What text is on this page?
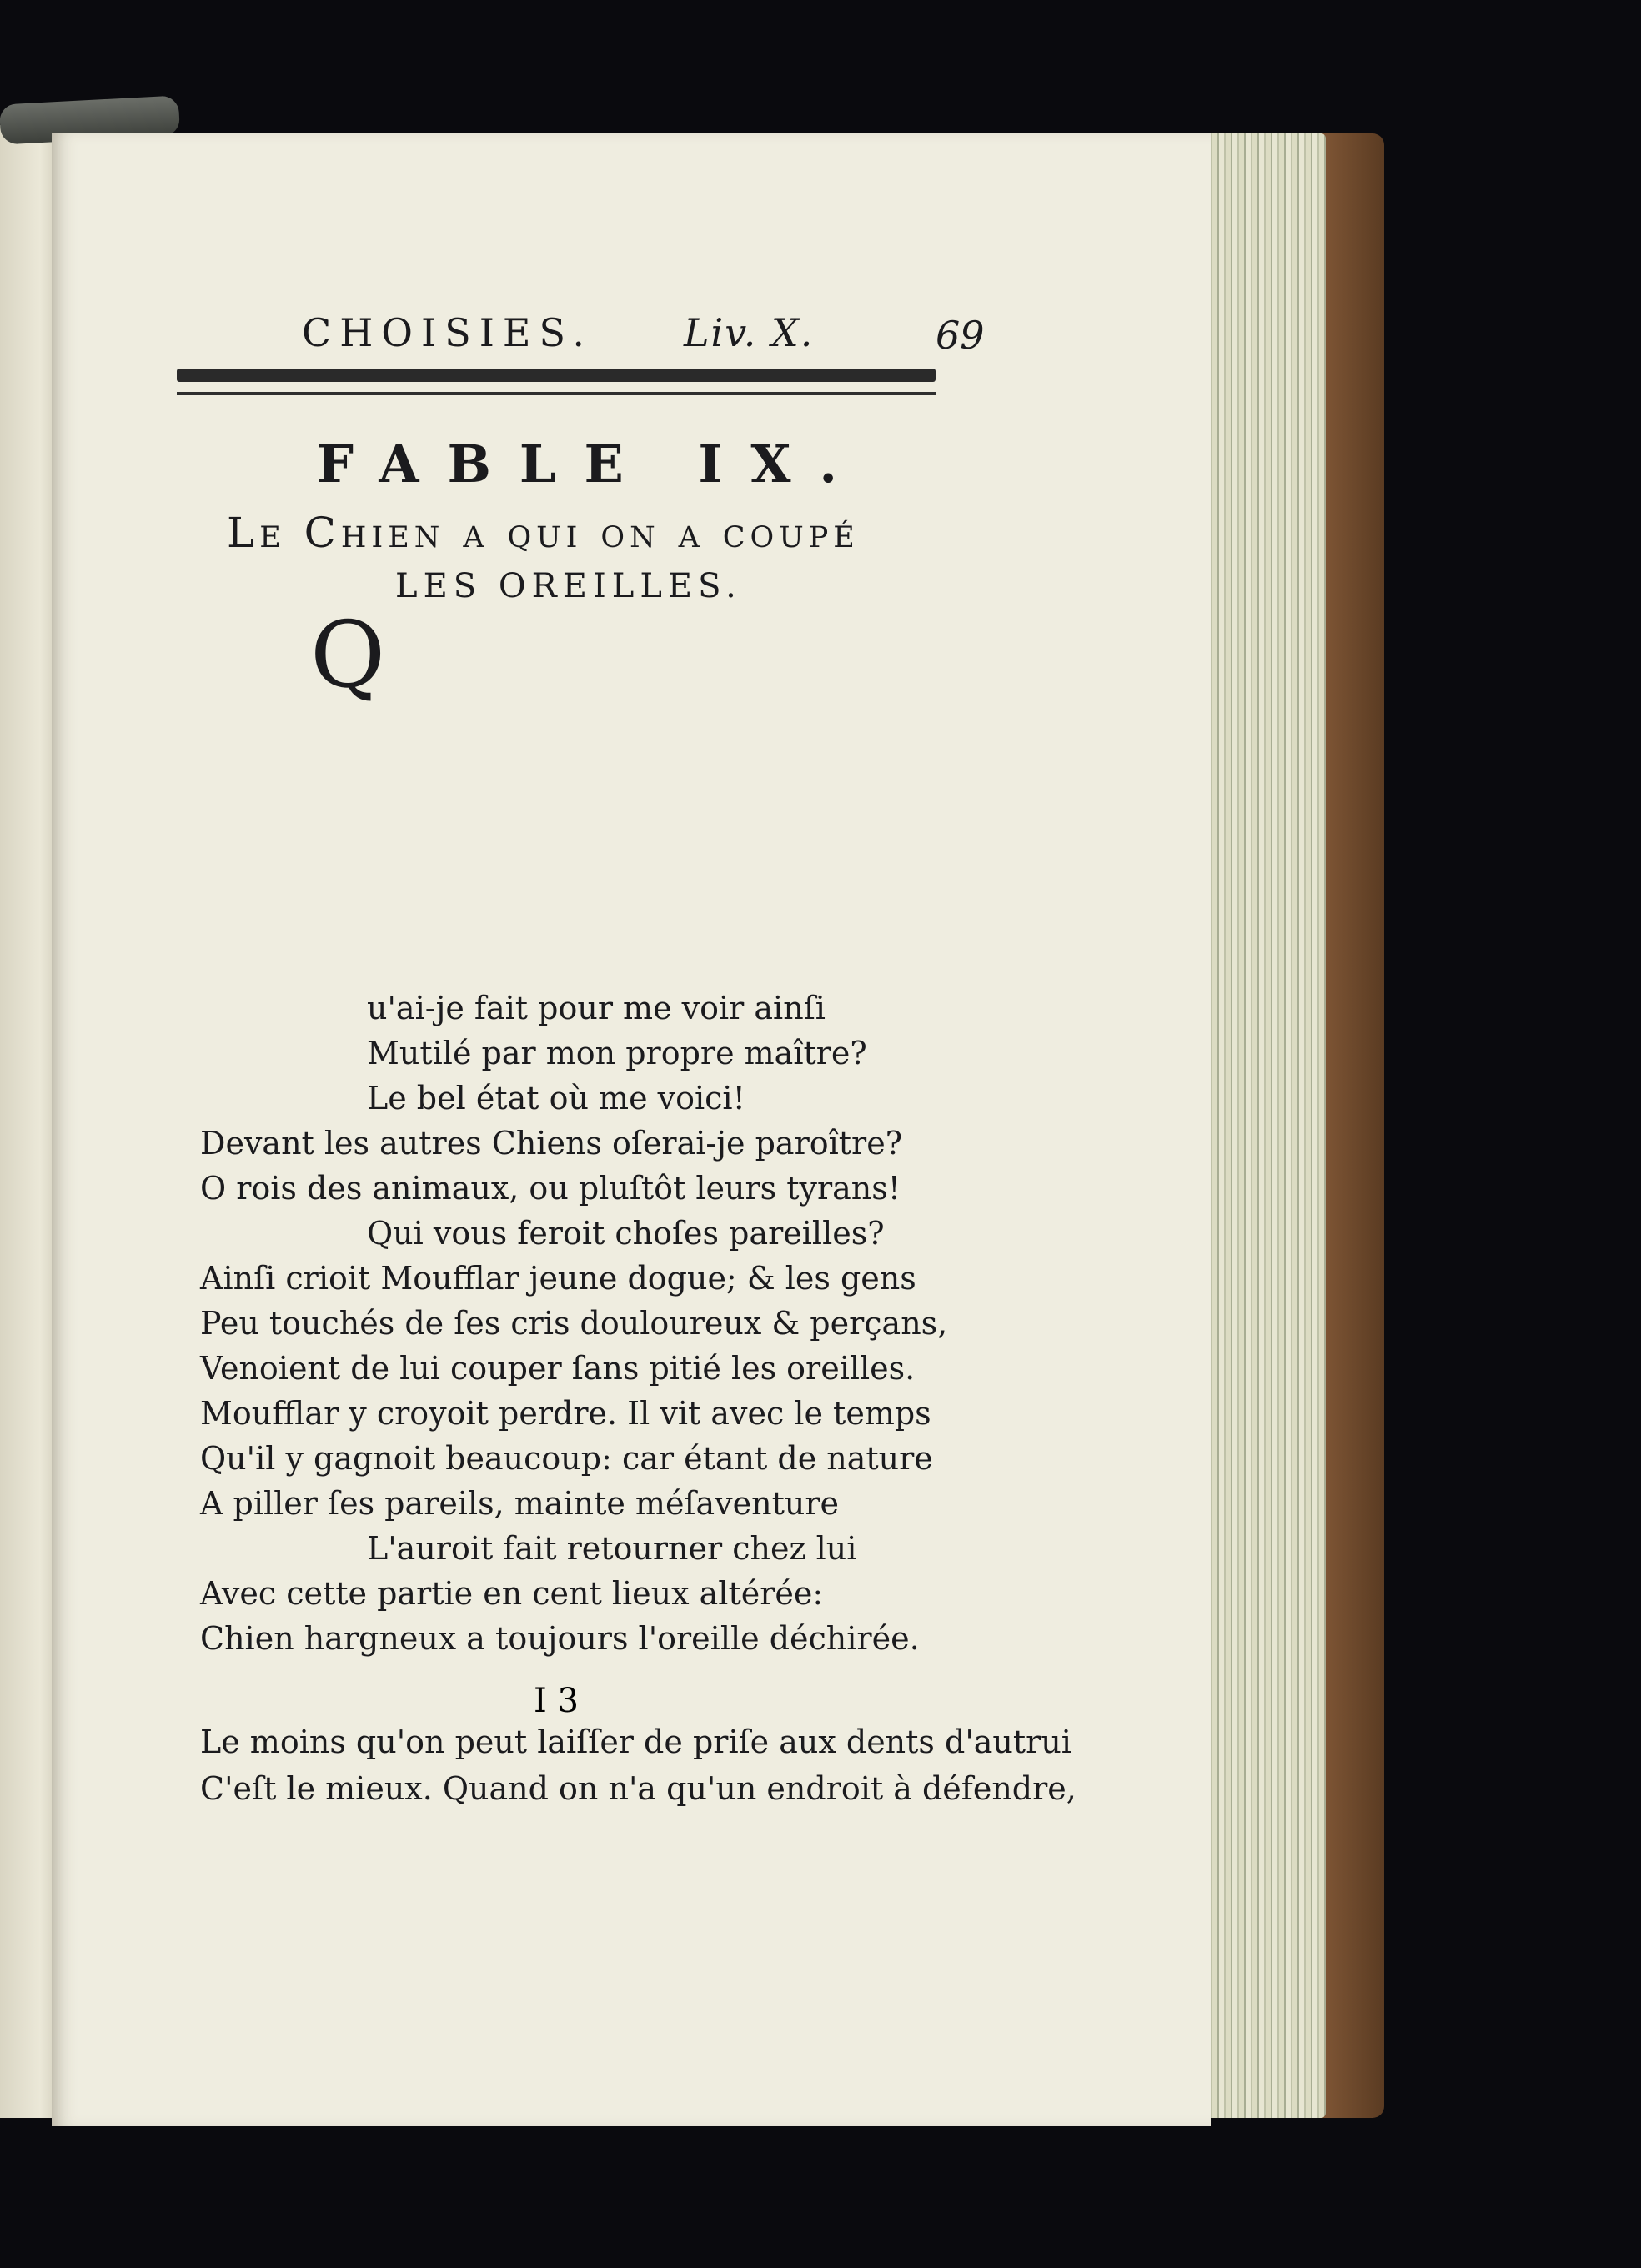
CHOISIES. Liv. X.	69
FABLE IX.
Le Chien a qui on a coupé
LES OREILLES.
Q
u'ai-je fait pour me voir ainſi
Mutilé par mon propre maître?
Le bel état où me voici!
Devant les autres Chiens oſerai-je paroître?
O rois des animaux, ou pluſtôt leurs tyrans!
Qui vous feroit choſes pareilles?
Ainſi crioit Moufflar jeune dogue; & les gens
Peu touchés de ſes cris douloureux & perçans,
Venoient de lui couper ſans pitié les oreilles.
Moufflar y croyoit perdre. Il vit avec le temps
Qu'il y gagnoit beaucoup: car étant de nature
A piller ſes pareils, mainte méſaventure
L'auroit fait retourner chez lui
Avec cette partie en cent lieux altérée:
Chien hargneux a toujours l'oreille déchirée.
Le moins qu'on peut laiſſer de priſe aux dents d'autrui
C'eſt le mieux. Quand on n'a qu'un endroit à défendre,
I 3
